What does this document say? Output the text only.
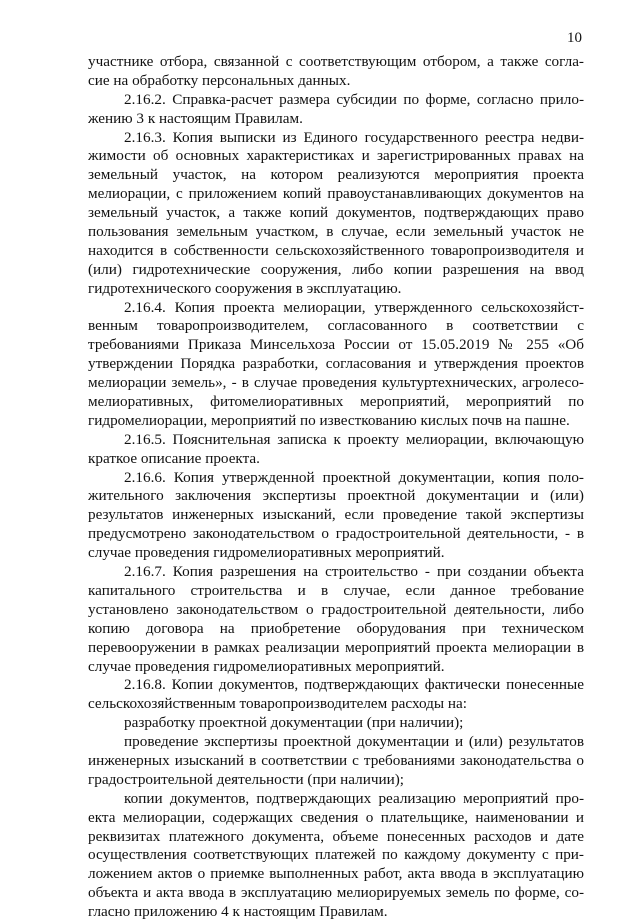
10
участнике отбора, связанной с соответствующим отбором, а также согла-
сие на обработку персональных данных.
2.16.2. Справка-расчет размера субсидии по форме, согласно прило-
жению 3 к настоящим Правилам.
2.16.3. Копия выписки из Единого государственного реестра недви-
жимости об основных характеристиках и зарегистрированных правах на
земельный участок, на котором реализуются мероприятия проекта
мелиорации, с приложением копий правоустанавливающих документов на
земельный участок, а также копий документов, подтверждающих право
пользования земельным участком, в случае, если земельный участок не
находится в собственности сельскохозяйственного товаропроизводителя и
(или) гидротехнические сооружения, либо копии разрешения на ввод
гидротехнического сооружения в эксплуатацию.
2.16.4. Копия проекта мелиорации, утвержденного сельскохозяйст-
венным товаропроизводителем, согласованного в соответствии с
требованиями Приказа Минсельхоза России от 15.05.2019 № 255 «Об
утверждении Порядка разработки, согласования и утверждения проектов
мелиорации земель», - в случае проведения культуртехнических, агролесо-
мелиоративных, фитомелиоративных мероприятий, мероприятий по
гидромелиорации, мероприятий по известкованию кислых почв на пашне.
2.16.5. Пояснительная записка к проекту мелиорации, включающую
краткое описание проекта.
2.16.6. Копия утвержденной проектной документации, копия поло-
жительного заключения экспертизы проектной документации и (или)
результатов инженерных изысканий, если проведение такой экспертизы
предусмотрено законодательством о градостроительной деятельности, - в
случае проведения гидромелиоративных мероприятий.
2.16.7. Копия разрешения на строительство - при создании объекта
капитального строительства и в случае, если данное требование
установлено законодательством о градостроительной деятельности, либо
копию договора на приобретение оборудования при техническом
перевооружении в рамках реализации мероприятий проекта мелиорации в
случае проведения гидромелиоративных мероприятий.
2.16.8. Копии документов, подтверждающих фактически понесенные
сельскохозяйственным товаропроизводителем расходы на:
разработку проектной документации (при наличии);
проведение экспертизы проектной документации и (или) результатов
инженерных изысканий в соответствии с требованиями законодательства о
градостроительной деятельности (при наличии);
копии документов, подтверждающих реализацию мероприятий про-
екта мелиорации, содержащих сведения о плательщике, наименовании и
реквизитах платежного документа, объеме понесенных расходов и дате
осуществления соответствующих платежей по каждому документу с при-
ложением актов о приемке выполненных работ, акта ввода в эксплуатацию
объекта и акта ввода в эксплуатацию мелиорируемых земель по форме, со-
гласно приложению 4 к настоящим Правилам.
